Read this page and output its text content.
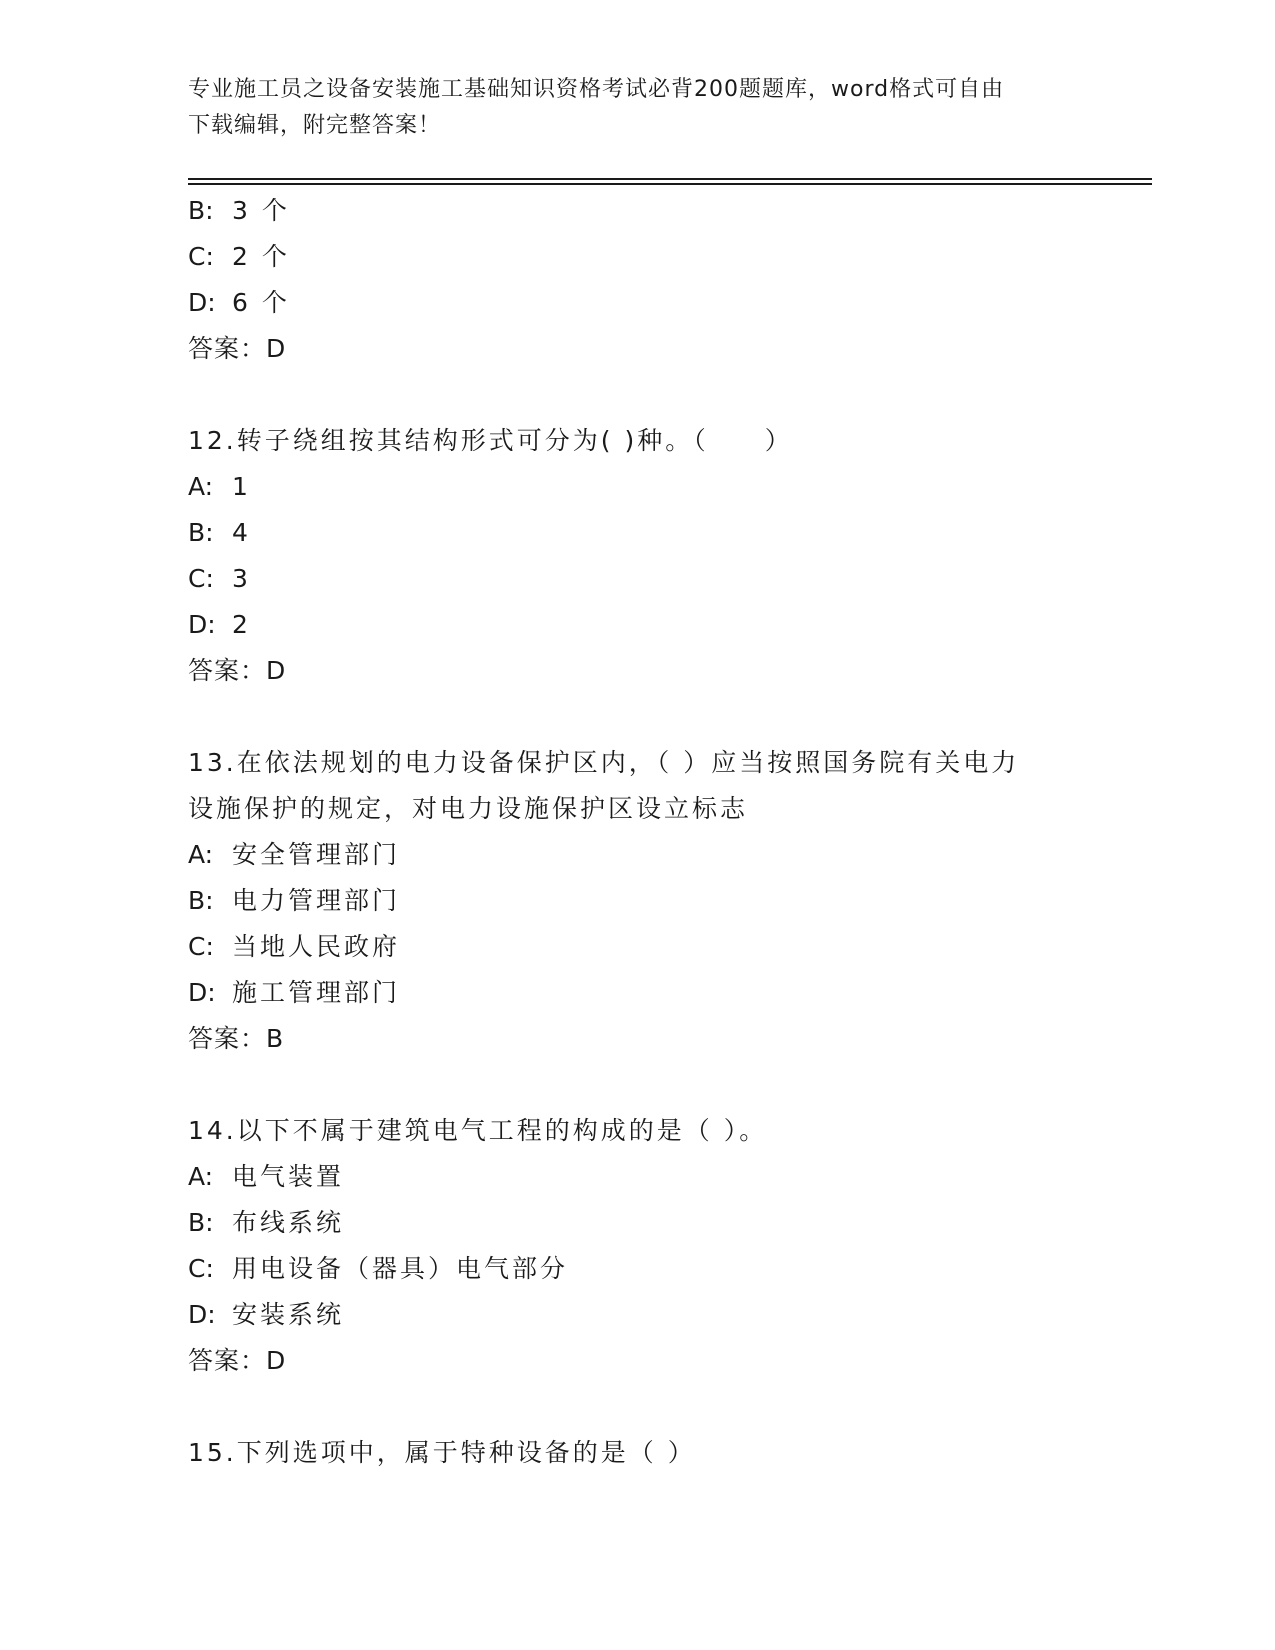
专业施工员之设备安装施工基础知识资格考试必背200题题库，word格式可自由
下载编辑，附完整答案！
B: 3 个
C: 2 个
D: 6 个
答案：D
12.转子绕组按其结构形式可分为( )种。（　　）
A: 1
B: 4
C: 3
D: 2
答案：D
13.在依法规划的电力设备保护区内，（ ）应当按照国务院有关电力
设施保护的规定，对电力设施保护区设立标志
A: 安全管理部门
B: 电力管理部门
C: 当地人民政府
D: 施工管理部门
答案：B
14.以下不属于建筑电气工程的构成的是（ ）。
A: 电气装置
B: 布线系统
C: 用电设备（器具）电气部分
D: 安装系统
答案：D
15.下列选项中，属于特种设备的是（ ）
